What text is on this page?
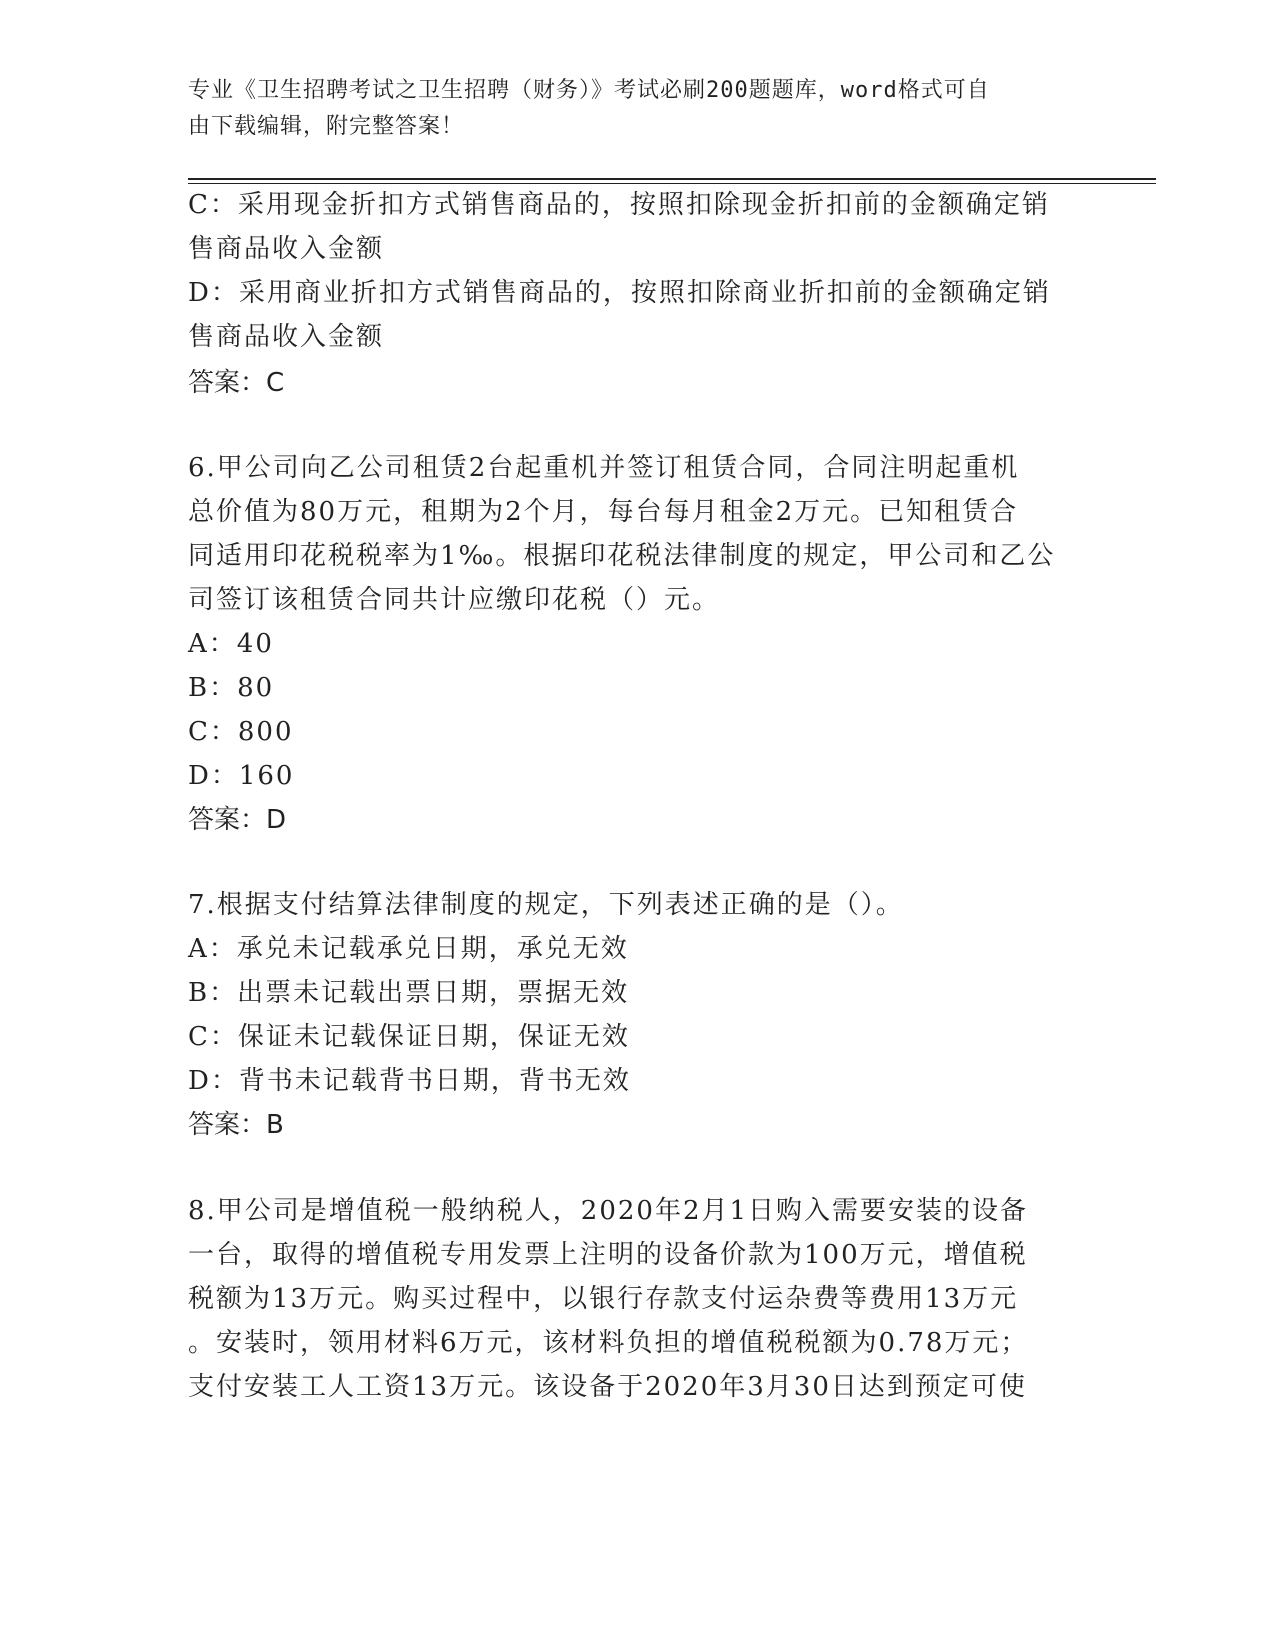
专业《卫生招聘考试之卫生招聘（财务）》考试必刷200题题库，word格式可自
由下载编辑，附完整答案！
C：采用现金折扣方式销售商品的，按照扣除现金折扣前的金额确定销
售商品收入金额
D：采用商业折扣方式销售商品的，按照扣除商业折扣前的金额确定销
售商品收入金额
答案：C
6.甲公司向乙公司租赁2台起重机并签订租赁合同，合同注明起重机
总价值为80万元，租期为2个月，每台每月租金2万元。已知租赁合
同适用印花税税率为1‰。根据印花税法律制度的规定，甲公司和乙公
司签订该租赁合同共计应缴印花税（）元。
A：40
B：80
C：800
D：160
答案：D
7.根据支付结算法律制度的规定，下列表述正确的是（）。
A：承兑未记载承兑日期，承兑无效
B：出票未记载出票日期，票据无效
C：保证未记载保证日期，保证无效
D：背书未记载背书日期，背书无效
答案：B
8.甲公司是增值税一般纳税人，2020年2月1日购入需要安装的设备
一台，取得的增值税专用发票上注明的设备价款为100万元，增值税
税额为13万元。购买过程中，以银行存款支付运杂费等费用13万元
。安装时，领用材料6万元，该材料负担的增值税税额为0.78万元；
支付安装工人工资13万元。该设备于2020年3月30日达到预定可使
